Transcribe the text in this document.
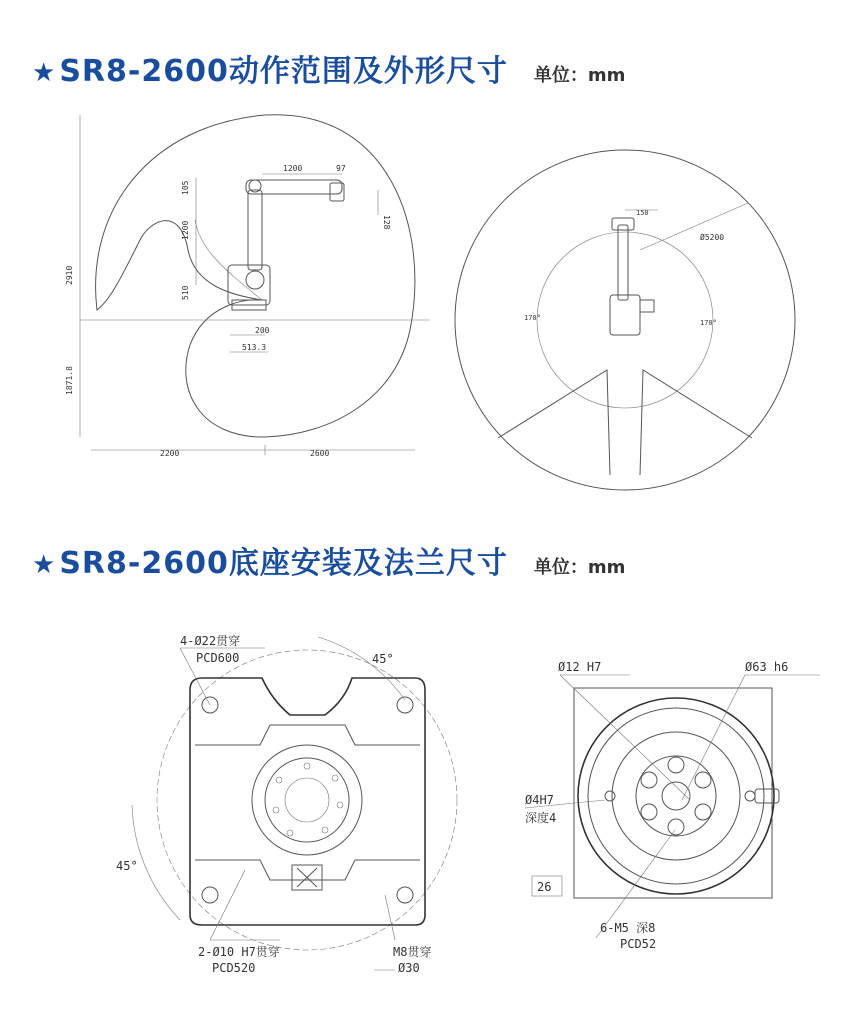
★ SR8-2600动作范围及外形尺寸 单位：mm
1200	97
105
1200	128
2910
510
200
513.3
1871.8
2200	2600
150
Ø5200
170°
170°
★ SR8-2600底座安装及法兰尺寸 单位：mm
4-Ø22贯穿
PCD600	45°
45°
2-Ø10 H7贯穿
PCD520
M8贯穿
Ø30
Ø12 H7	Ø63 h6
Ø4H7
深度4
26
6-M5 深8
PCD52
